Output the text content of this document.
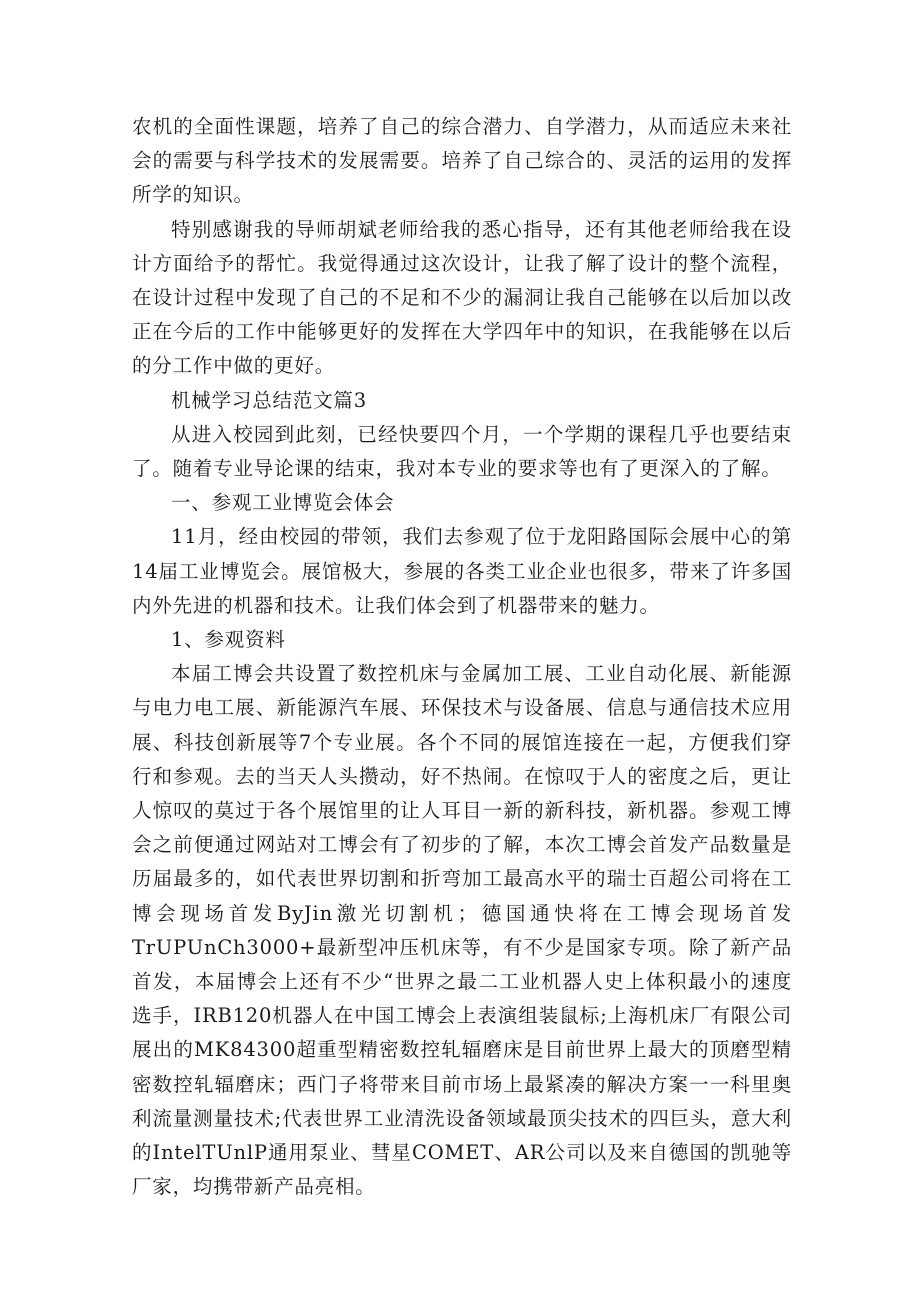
农机的全面性课题，培养了自己的综合潜力、自学潜力，从而适应未来社会的需要与科学技术的发展需要。培养了自己综合的、灵活的运用的发挥所学的知识。

特别感谢我的导师胡斌老师给我的悉心指导，还有其他老师给我在设计方面给予的帮忙。我觉得通过这次设计，让我了解了设计的整个流程，在设计过程中发现了自己的不足和不少的漏洞让我自己能够在以后加以改正在今后的工作中能够更好的发挥在大学四年中的知识，在我能够在以后的分工作中做的更好。

机械学习总结范文篇3

从进入校园到此刻，已经快要四个月，一个学期的课程几乎也要结束了。随着专业导论课的结束，我对本专业的要求等也有了更深入的了解。

一、参观工业博览会体会

11月，经由校园的带领，我们去参观了位于龙阳路国际会展中心的第14届工业博览会。展馆极大，参展的各类工业企业也很多，带来了许多国内外先进的机器和技术。让我们体会到了机器带来的魅力。

1、参观资料

本届工博会共设置了数控机床与金属加工展、工业自动化展、新能源与电力电工展、新能源汽车展、环保技术与设备展、信息与通信技术应用展、科技创新展等7个专业展。各个不同的展馆连接在一起，方便我们穿行和参观。去的当天人头攒动，好不热闹。在惊叹于人的密度之后，更让人惊叹的莫过于各个展馆里的让人耳目一新的新科技，新机器。参观工博会之前便通过网站对工博会有了初步的了解，本次工博会首发产品数量是历届最多的，如代表世界切割和折弯加工最高水平的瑞士百超公司将在工博会现场首发ByJin激光切割机；德国通快将在工博会现场首发TrUPUnCh3000+最新型冲压机床等，有不少是国家专项。除了新产品首发，本届博会上还有不少“世界之最二工业机器人史上体积最小的速度选手，IRB120机器人在中国工博会上表演组装鼠标;上海机床厂有限公司展出的MK84300超重型精密数控轧辐磨床是目前世界上最大的顶磨型精密数控轧辐磨床；西门子将带来目前市场上最紧凑的解决方案一一科里奥利流量测量技术;代表世界工业清洗设备领域最顶尖技术的四巨头，意大利的IntelTUnlP通用泵业、彗星COMET、AR公司以及来自德国的凯驰等厂家，均携带新产品亮相。
